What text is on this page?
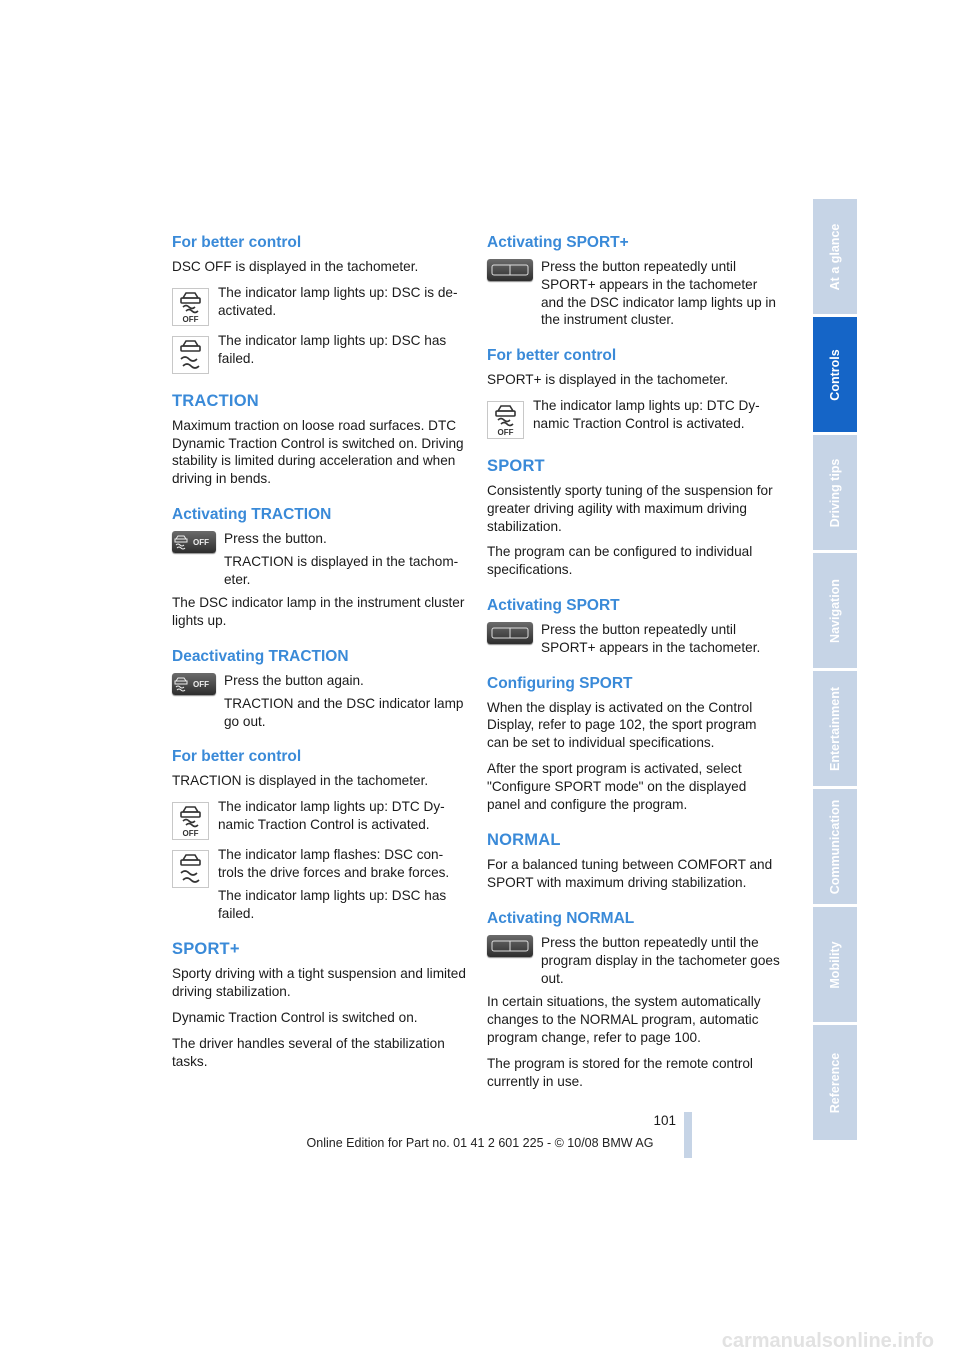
For better control

DSC OFF is displayed in the tachometer.

OFF

The indicator lamp lights up: DSC is de-activated.

The indicator lamp lights up: DSC has failed.

TRACTION

Maximum traction on loose road surfaces. DTC Dynamic Traction Control is switched on. Driving stability is limited during acceleration and when driving in bends.

Activating TRACTION
OFF Press the button.

TRACTION is displayed in the tachom-eter.

The DSC indicator lamp in the instrument cluster lights up.

Deactivating TRACTION
OFF Press the button again.

TRACTION and the DSC indicator lamp go out.

For better control

TRACTION is displayed in the tachometer.

OFF

The indicator lamp lights up: DTC Dy-namic Traction Control is activated.

The indicator lamp flashes: DSC con-trols the drive forces and brake forces.

The indicator lamp lights up: DSC has failed.

SPORT+

Sporty driving with a tight suspension and limited driving stabilization.

Dynamic Traction Control is switched on.

The driver handles several of the stabilization tasks.

Activating SPORT+

Press the button repeatedly until SPORT+ appears in the tachometer and the DSC indicator lamp lights up in the instrument cluster.

For better control

SPORT+ is displayed in the tachometer.

OFF

The indicator lamp lights up: DTC Dy-namic Traction Control is activated.

SPORT

Consistently sporty tuning of the suspension for greater driving agility with maximum driving stabilization.

The program can be configured to individual specifications.

Activating SPORT

Press the button repeatedly until SPORT+ appears in the tachometer.

Configuring SPORT

When the display is activated on the Control Display, refer to page 102, the sport program can be set to individual specifications.

After the sport program is activated, select "Configure SPORT mode" on the displayed panel and configure the program.

NORMAL

For a balanced tuning between COMFORT and SPORT with maximum driving stabilization.

Activating NORMAL

Press the button repeatedly until the program display in the tachometer goes out.

In certain situations, the system automatically changes to the NORMAL program, automatic program change, refer to page 100.

The program is stored for the remote control currently in use.

At a glance
Controls
Driving tips
Navigation
Entertainment
Communication
Mobility
Reference
101
Online Edition for Part no. 01 41 2 601 225 - © 10/08 BMW AG
carmanualsonline.info
